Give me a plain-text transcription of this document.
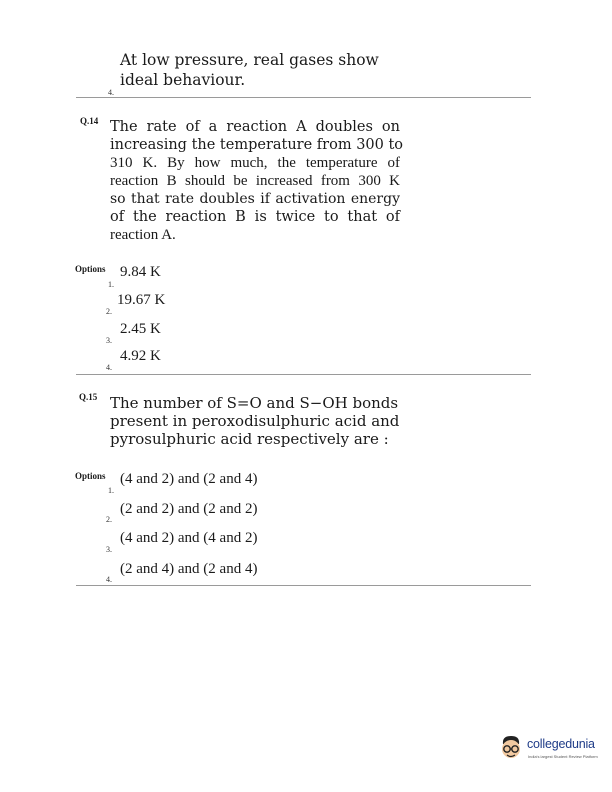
At low pressure, real gases show
ideal behaviour.
4.
Q.14 The rate of a reaction A doubles on
increasing the temperature from 300 to
310 K. By how much, the temperature of
reaction B should be increased from 300 K
so that rate doubles if activation energy
of the reaction B is twice to that of
reaction A.
Options 9.84 K
1.
19.67 K
2.
2.45 K
3.
4.92 K
4.
Q.15 The number of S=O and S−OH bonds
present in peroxodisulphuric acid and
pyrosulphuric acid respectively are :
Options (4 and 2) and (2 and 4)
1.
(2 and 2) and (2 and 2)
2.
(4 and 2) and (4 and 2)
3.
(2 and 4) and (2 and 4)
4.
collegedunia
India's largest Student Review Platform
